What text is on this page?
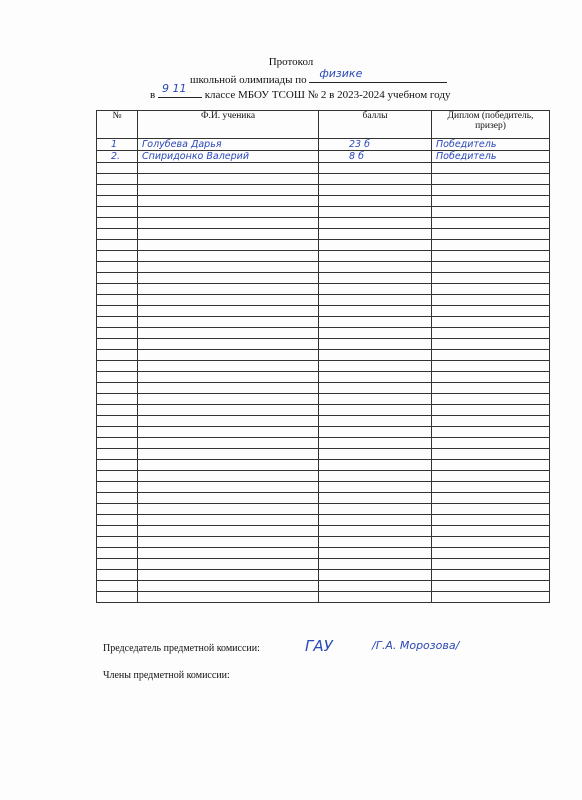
Протокол
школьной олимпиады по физике
в 9 11 классе МБОУ ТСОШ № 2 в 2023-2024 учебном году
№	Ф.И. ученика	баллы	Диплом (победитель, призер)
1	Голубева Дарья	23 б	Победитель
2.	Спиридонко Валерий	8 б	Победитель

Председатель предметной комиссии:	ГАУ	/Г.А. Морозова/
Члены предметной комиссии:
